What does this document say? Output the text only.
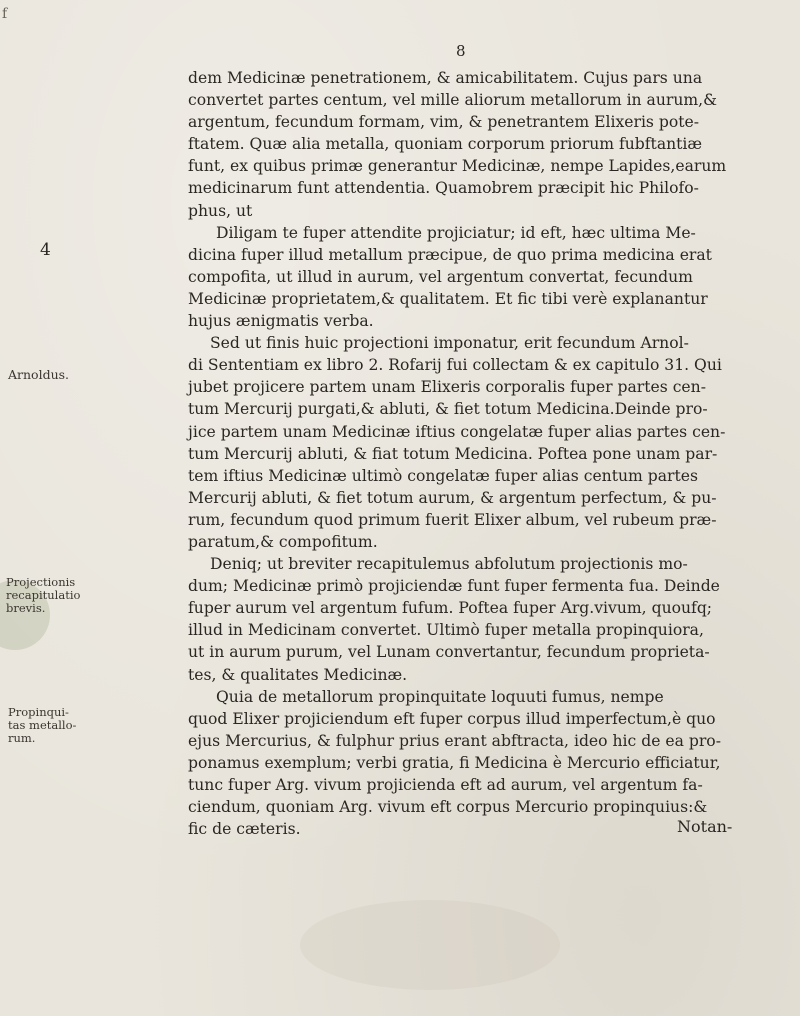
f
8
dem Medicinæ penetrationem, & amicabilitatem. Cujus pars una
convertet partes centum, vel mille aliorum metallorum in aurum,&
argentum, fecundum formam, vim, & penetrantem Elixeris pote-
ftatem. Quæ alia metalla, quoniam corporum priorum fubftantiæ
funt, ex quibus primæ generantur Medicinæ, nempe Lapides,earum
medicinarum funt attendentia. Quamobrem præcipit hic Philofo-
phus, ut
Diligam te fuper attendite projiciatur; id eft, hæc ultima Me-
dicina fuper illud metallum præcipue, de quo prima medicina erat
compofita, ut illud in aurum, vel argentum convertat, fecundum
Medicinæ proprietatem,& qualitatem. Et fic tibi verè explanantur
hujus ænigmatis verba.
Sed ut finis huic projectioni imponatur, erit fecundum Arnol-
di Sententiam ex libro 2. Rofarij fui collectam & ex capitulo 31. Qui
jubet projicere partem unam Elixeris corporalis fuper partes cen-
tum Mercurij purgati,& abluti, & fiet totum Medicina.Deinde pro-
jice partem unam Medicinæ iftius congelatæ fuper alias partes cen-
tum Mercurij abluti, & fiat totum Medicina. Poftea pone unam par-
tem iftius Medicinæ ultimò congelatæ fuper alias centum partes
Mercurij abluti, & fiet totum aurum, & argentum perfectum, & pu-
rum, fecundum quod primum fuerit Elixer album, vel rubeum præ-
paratum,& compofitum.
Deniq; ut breviter recapitulemus abfolutum projectionis mo-
dum; Medicinæ primò projiciendæ funt fuper fermenta fua. Deinde
fuper aurum vel argentum fufum. Poftea fuper Arg.vivum, quoufq;
illud in Medicinam convertet. Ultimò fuper metalla propinquiora,
ut in aurum purum, vel Lunam convertantur, fecundum proprieta-
tes, & qualitates Medicinæ.
Quia de metallorum propinquitate loquuti fumus, nempe
quod Elixer projiciendum eft fuper corpus illud imperfectum,è quo
ejus Mercurius, & fulphur prius erant abftracta, ideo hic de ea pro-
ponamus exemplum; verbi gratia, fi Medicina è Mercurio efficiatur,
tunc fuper Arg. vivum projicienda eft ad aurum, vel argentum fa-
ciendum, quoniam Arg. vivum eft corpus Mercurio propinquius:&
fic de cæteris.
4
Arnoldus.
Projectionis
recapitulatio
brevis.
Propinqui-
tas metallo-
rum.
Notan-
